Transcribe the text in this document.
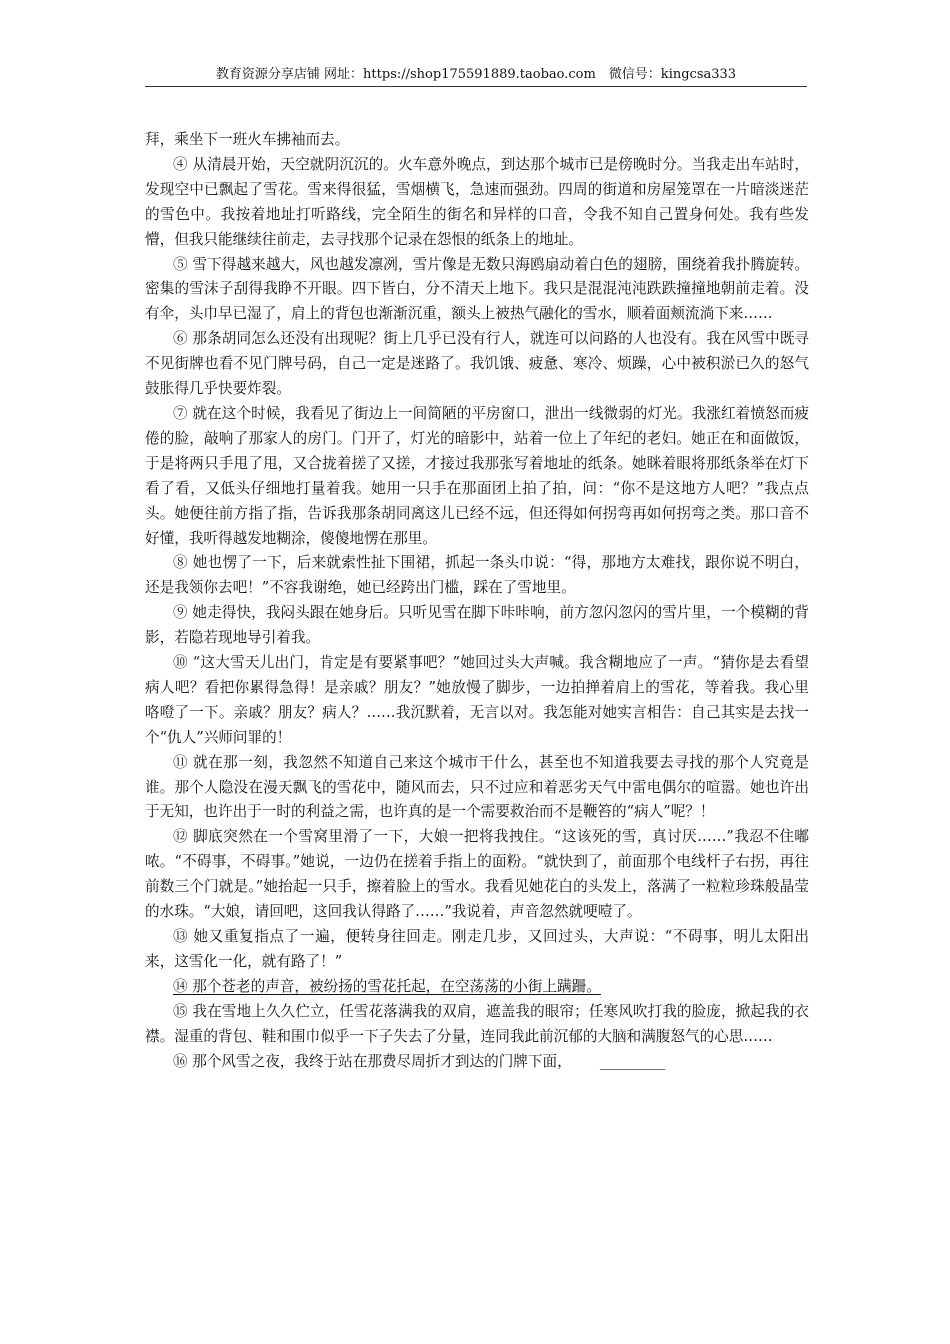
教育资源分享店铺 网址：https://shop175591889.taobao.com　微信号：kingcsa333

拜，乘坐下一班火车拂袖而去。

④ 从清晨开始，天空就阴沉沉的。火车意外晚点，到达那个城市已是傍晚时分。当我走出车站时，发现空中已飘起了雪花。雪来得很猛，雪烟横飞，急速而强劲。四周的街道和房屋笼罩在一片暗淡迷茫的雪色中。我按着地址打听路线，完全陌生的街名和异样的口音，令我不知自己置身何处。我有些发懵，但我只能继续往前走，去寻找那个记录在怨恨的纸条上的地址。

⑤ 雪下得越来越大，风也越发凛冽，雪片像是无数只海鸥扇动着白色的翅膀，围绕着我扑腾旋转。密集的雪沫子刮得我睁不开眼。四下皆白，分不清天上地下。我只是混混沌沌跌跌撞撞地朝前走着。没有伞，头巾早已湿了，肩上的背包也渐渐沉重，额头上被热气融化的雪水，顺着面颊流淌下来……

⑥ 那条胡同怎么还没有出现呢？街上几乎已没有行人，就连可以问路的人也没有。我在风雪中既寻不见街牌也看不见门牌号码，自己一定是迷路了。我饥饿、疲惫、寒冷、烦躁，心中被积淤已久的怒气鼓胀得几乎快要炸裂。

⑦ 就在这个时候，我看见了街边上一间简陋的平房窗口，泄出一线微弱的灯光。我涨红着愤怒而疲倦的脸，敲响了那家人的房门。门开了，灯光的暗影中，站着一位上了年纪的老妇。她正在和面做饭，于是将两只手甩了甩，又合拢着搓了又搓，才接过我那张写着地址的纸条。她眯着眼将那纸条举在灯下看了看，又低头仔细地打量着我。她用一只手在那面团上拍了拍，问：“你不是这地方人吧？”我点点头。她便往前方指了指，告诉我那条胡同离这儿已经不远，但还得如何拐弯再如何拐弯之类。那口音不好懂，我听得越发地糊涂，傻傻地愣在那里。

⑧ 她也愣了一下，后来就索性扯下围裙，抓起一条头巾说：“得，那地方太难找，跟你说不明白，还是我领你去吧！”不容我谢绝，她已经跨出门槛，踩在了雪地里。

⑨ 她走得快，我闷头跟在她身后。只听见雪在脚下咔咔响，前方忽闪忽闪的雪片里，一个模糊的背影，若隐若现地导引着我。

⑩ “这大雪天儿出门，肯定是有要紧事吧？”她回过头大声喊。我含糊地应了一声。“猜你是去看望病人吧？看把你累得急得！是亲戚？朋友？”她放慢了脚步，一边拍掸着肩上的雪花，等着我。我心里咯噔了一下。亲戚？朋友？病人？……我沉默着，无言以对。我怎能对她实言相告：自己其实是去找一个“仇人”兴师问罪的！

⑪ 就在那一刻，我忽然不知道自己来这个城市干什么，甚至也不知道我要去寻找的那个人究竟是谁。那个人隐没在漫天飘飞的雪花中，随风而去，只不过应和着恶劣天气中雷电偶尔的喧嚣。她也许出于无知，也许出于一时的利益之需，也许真的是一个需要救治而不是鞭笞的“病人”呢？！

⑫ 脚底突然在一个雪窝里滑了一下，大娘一把将我拽住。“这该死的雪，真讨厌……”我忍不住嘟哝。“不碍事，不碍事。”她说，一边仍在搓着手指上的面粉。“就快到了，前面那个电线杆子右拐，再往前数三个门就是。”她抬起一只手，擦着脸上的雪水。我看见她花白的头发上，落满了一粒粒珍珠般晶莹的水珠。“大娘，请回吧，这回我认得路了……”我说着，声音忽然就哽噎了。

⑬ 她又重复指点了一遍，便转身往回走。刚走几步，又回过头，大声说：“不碍事，明儿太阳出来，这雪化一化，就有路了！”

⑭ 那个苍老的声音，被纷扬的雪花托起，在空荡荡的小街上蹒跚。

⑮ 我在雪地上久久伫立，任雪花落满我的双肩，遮盖我的眼帘；任寒风吹打我的脸庞，掀起我的衣襟。湿重的背包、鞋和围巾似乎一下子失去了分量，连同我此前沉郁的大脑和满腹怒气的心思……

⑯ 那个风雪之夜，我终于站在那费尽周折才到达的门牌下面， _________
